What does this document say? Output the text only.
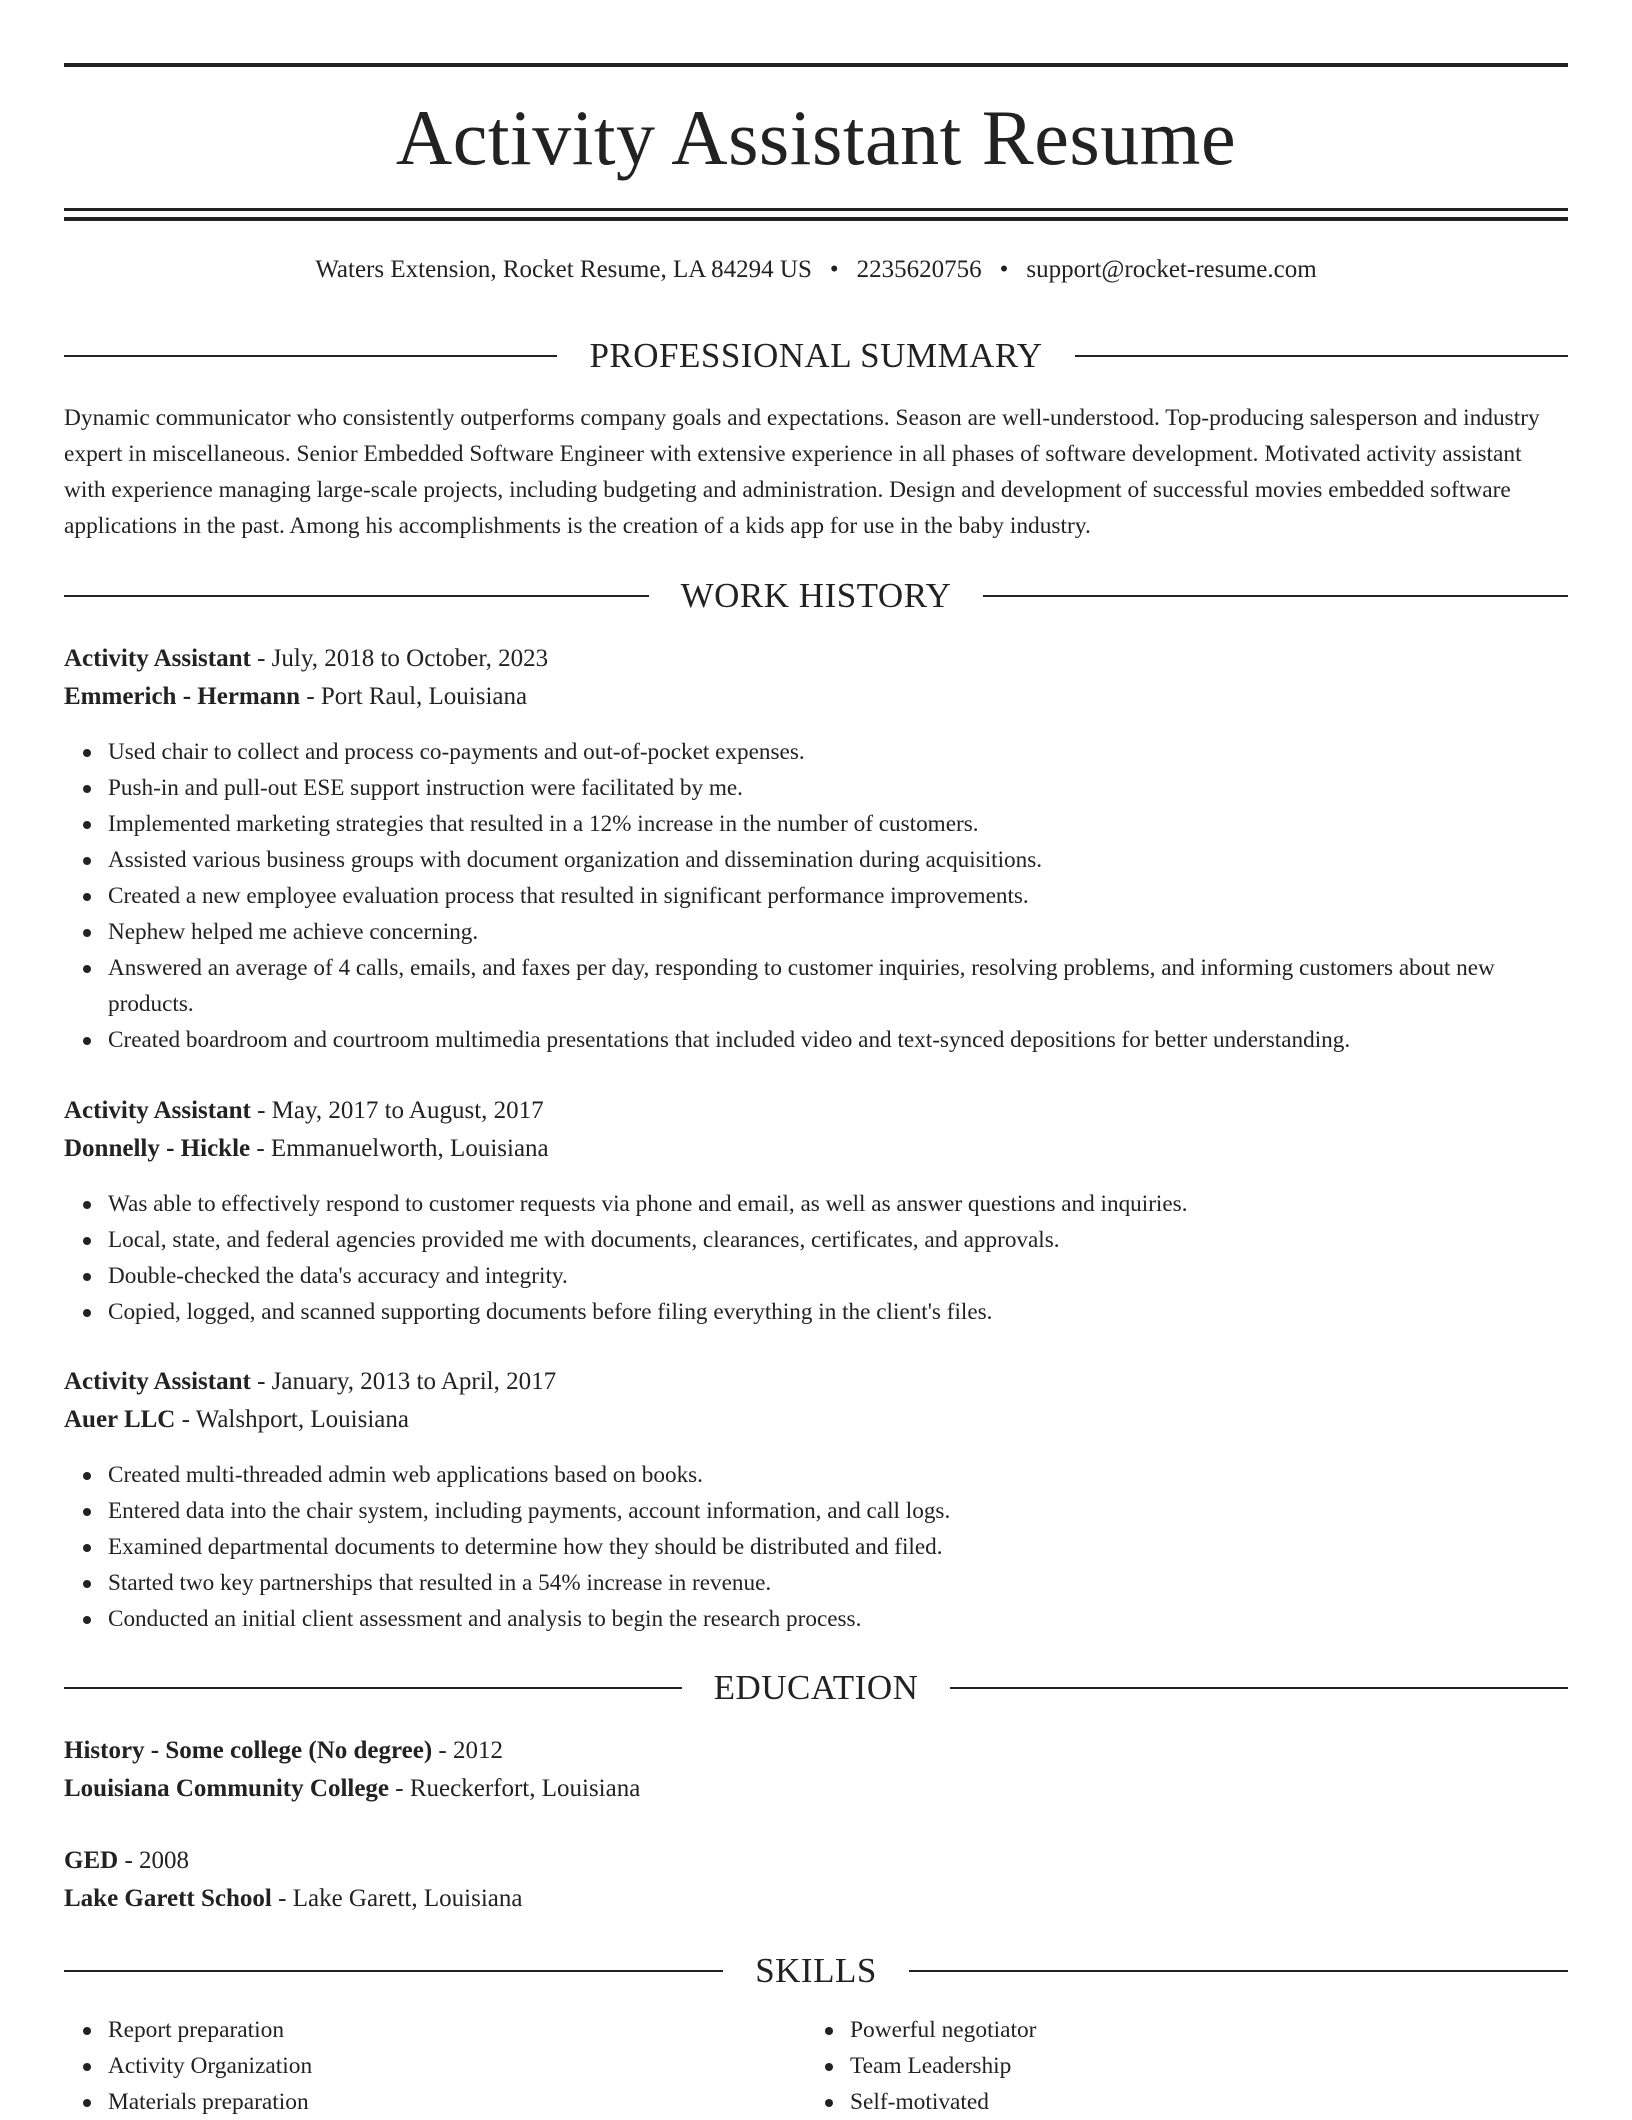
Activity Assistant Resume
Waters Extension, Rocket Resume, LA 84294 US • 2235620756 • support@rocket-resume.com
PROFESSIONAL SUMMARY

Dynamic communicator who consistently outperforms company goals and expectations. Season are well-understood. Top-producing salesperson and industry expert in miscellaneous. Senior Embedded Software Engineer with extensive experience in all phases of software development. Motivated activity assistant with experience managing large-scale projects, including budgeting and administration. Design and development of successful movies embedded software applications in the past. Among his accomplishments is the creation of a kids app for use in the baby industry.

WORK HISTORY
Activity Assistant - July, 2018 to October, 2023
Emmerich - Hermann - Port Raul, Louisiana
Used chair to collect and process co-payments and out-of-pocket expenses.
Push-in and pull-out ESE support instruction were facilitated by me.
Implemented marketing strategies that resulted in a 12% increase in the number of customers.
Assisted various business groups with document organization and dissemination during acquisitions.
Created a new employee evaluation process that resulted in significant performance improvements.
Nephew helped me achieve concerning.
Answered an average of 4 calls, emails, and faxes per day, responding to customer inquiries, resolving problems, and informing customers about new products.
Created boardroom and courtroom multimedia presentations that included video and text-synced depositions for better understanding.
Activity Assistant - May, 2017 to August, 2017
Donnelly - Hickle - Emmanuelworth, Louisiana
Was able to effectively respond to customer requests via phone and email, as well as answer questions and inquiries.
Local, state, and federal agencies provided me with documents, clearances, certificates, and approvals.
Double-checked the data's accuracy and integrity.
Copied, logged, and scanned supporting documents before filing everything in the client's files.
Activity Assistant - January, 2013 to April, 2017
Auer LLC - Walshport, Louisiana
Created multi-threaded admin web applications based on books.
Entered data into the chair system, including payments, account information, and call logs.
Examined departmental documents to determine how they should be distributed and filed.
Started two key partnerships that resulted in a 54% increase in revenue.
Conducted an initial client assessment and analysis to begin the research process.
EDUCATION
History - Some college (No degree) - 2012
Louisiana Community College - Rueckerfort, Louisiana
GED - 2008
Lake Garett School - Lake Garett, Louisiana
SKILLS
Report preparation
Activity Organization
Materials preparation
Powerful negotiator
Team Leadership
Self-motivated
